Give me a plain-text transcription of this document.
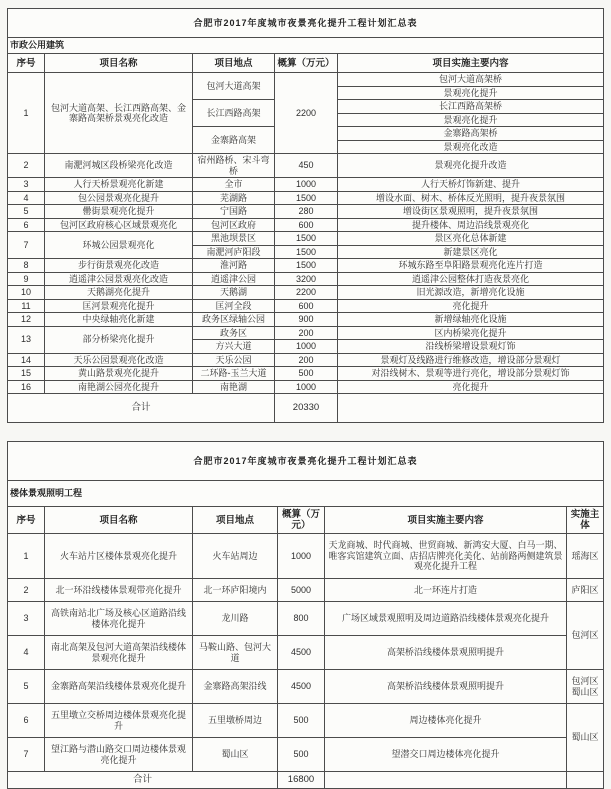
合肥市2017年度城市夜景亮化提升工程计划汇总表				
市政公用建筑				
序号	项目名称	项目地点	概算（万元）	项目实施主要内容
1	包河大道高架、长江西路高架、金寨路高架桥景观亮化改造	包河大道高架	2200	包河大道高架桥
				景观亮化提升
		长江西路高架		长江西路高架桥
				景观亮化提升
		金寨路高架		金寨路高架桥
				景观亮化改造
2	南淝河城区段桥梁亮化改造	宿州路桥、宋斗弯桥	450	景观亮化提升改造
3	人行天桥景观亮化新建	全市	1000	人行天桥灯饰新建、提升
4	包公园景观亮化提升	芜湖路	1500	增设水面、树木、桥体反光照明，提升夜景氛围
5	罍街景观亮化提升	宁国路	280	增设街区景观照明，提升夜景氛围
6	包河区政府核心区域景观亮化	包河区政府	600	提升楼体、周边沿线景观亮化
7	环城公园景观亮化	黑池坝景区	1500	景区亮化总体新建
		南淝河庐阳段	1500	新建景区亮化
8	步行街景观亮化改造	淮河路	1500	环城东路至阜阳路景观亮化连片打造
9	逍遥津公园景观亮化改造	逍遥津公园	3200	逍遥津公园整体打造夜景亮化
10	天鹅湖亮化提升	天鹅湖	2200	旧光源改造，新增亮化设施
11	匡河景观亮化提升	匡河全段	600	亮化提升
12	中央绿轴亮化新建	政务区绿轴公园	900	新增绿轴亮化设施
13	部分桥梁亮化提升	政务区	200	区内桥梁亮化提升
		方兴大道	1000	沿线桥梁增设景观灯饰
14	天乐公园景观亮化改造	天乐公园	200	景观灯及线路进行维修改造，增设部分景观灯
15	黄山路景观亮化提升	二环路-玉兰大道	500	对沿线树木、景观等进行亮化，增设部分景观灯饰
16	南艳湖公园亮化提升	南艳湖	1000	亮化提升
合计			20330	
合肥市2017年度城市夜景亮化提升工程计划汇总表					
楼体景观照明工程					
序号	项目名称	项目地点	概算（万元）	项目实施主要内容	实施主体
1	火车站片区楼体景观亮化提升	火车站周边	1000	天龙商城、时代商城、世贸商城、新鸿安大厦、白马一期、唯客宾馆建筑立面、店招店牌亮化美化、站前路两侧建筑景观亮化提升工程	瑶海区
2	北一环沿线楼体景观带亮化提升	北一环庐阳境内	5000	北一环连片打造	庐阳区
3	高铁南站北广场及核心区道路沿线楼体亮化提升	龙川路	800	广场区域景观照明及周边道路沿线楼体景观亮化提升	包河区
4	南北高架及包河大道高架沿线楼体景观亮化提升	马鞍山路、包河大道	4500	高架桥沿线楼体景观照明提升	
5	金寨路高架沿线楼体景观亮化提升	金寨路高架沿线	4500	高架桥沿线楼体景观照明提升	包河区蜀山区
6	五里墩立交桥周边楼体景观亮化提升	五里墩桥周边	500	周边楼体亮化提升	蜀山区
7	望江路与潜山路交口周边楼体景观亮化提升	蜀山区	500	望潜交口周边楼体亮化提升	
合计			16800		
